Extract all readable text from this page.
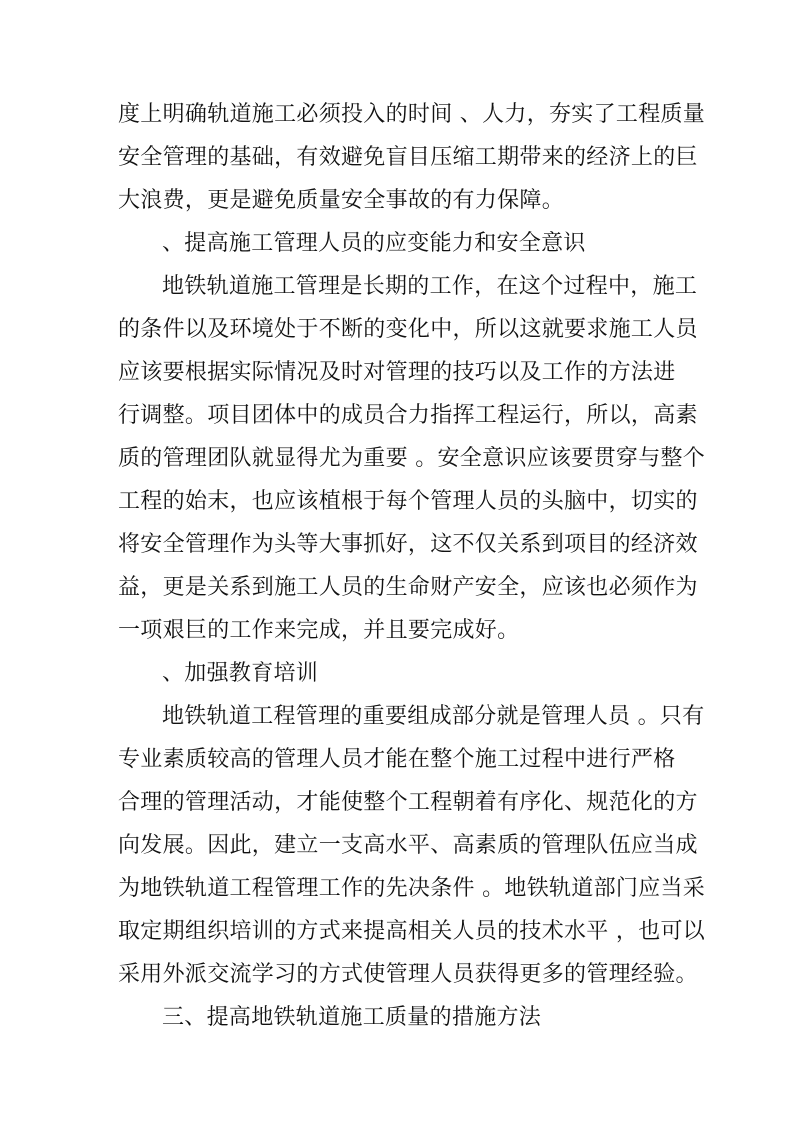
度上明确轨道施工必须投入的时间 、人力，夯实了工程质量
安全管理的基础，有效避免盲目压缩工期带来的经济上的巨
大浪费，更是避免质量安全事故的有力保障。
、提高施工管理人员的应变能力和安全意识
地铁轨道施工管理是长期的工作，在这个过程中，施工
的条件以及环境处于不断的变化中，所以这就要求施工人员
应该要根据实际情况及时对管理的技巧以及工作的方法进
行调整。项目团体中的成员合力指挥工程运行，所以，高素
质的管理团队就显得尤为重要 。安全意识应该要贯穿与整个
工程的始末，也应该植根于每个管理人员的头脑中，切实的
将安全管理作为头等大事抓好，这不仅关系到项目的经济效
益，更是关系到施工人员的生命财产安全，应该也必须作为
一项艰巨的工作来完成，并且要完成好。
、加强教育培训
地铁轨道工程管理的重要组成部分就是管理人员 。只有
专业素质较高的管理人员才能在整个施工过程中进行严格
合理的管理活动，才能使整个工程朝着有序化、规范化的方
向发展。因此，建立一支高水平、高素质的管理队伍应当成
为地铁轨道工程管理工作的先决条件 。地铁轨道部门应当采
取定期组织培训的方式来提高相关人员的技术水平 ，也可以
采用外派交流学习的方式使管理人员获得更多的管理经验。
三、提高地铁轨道施工质量的措施方法
